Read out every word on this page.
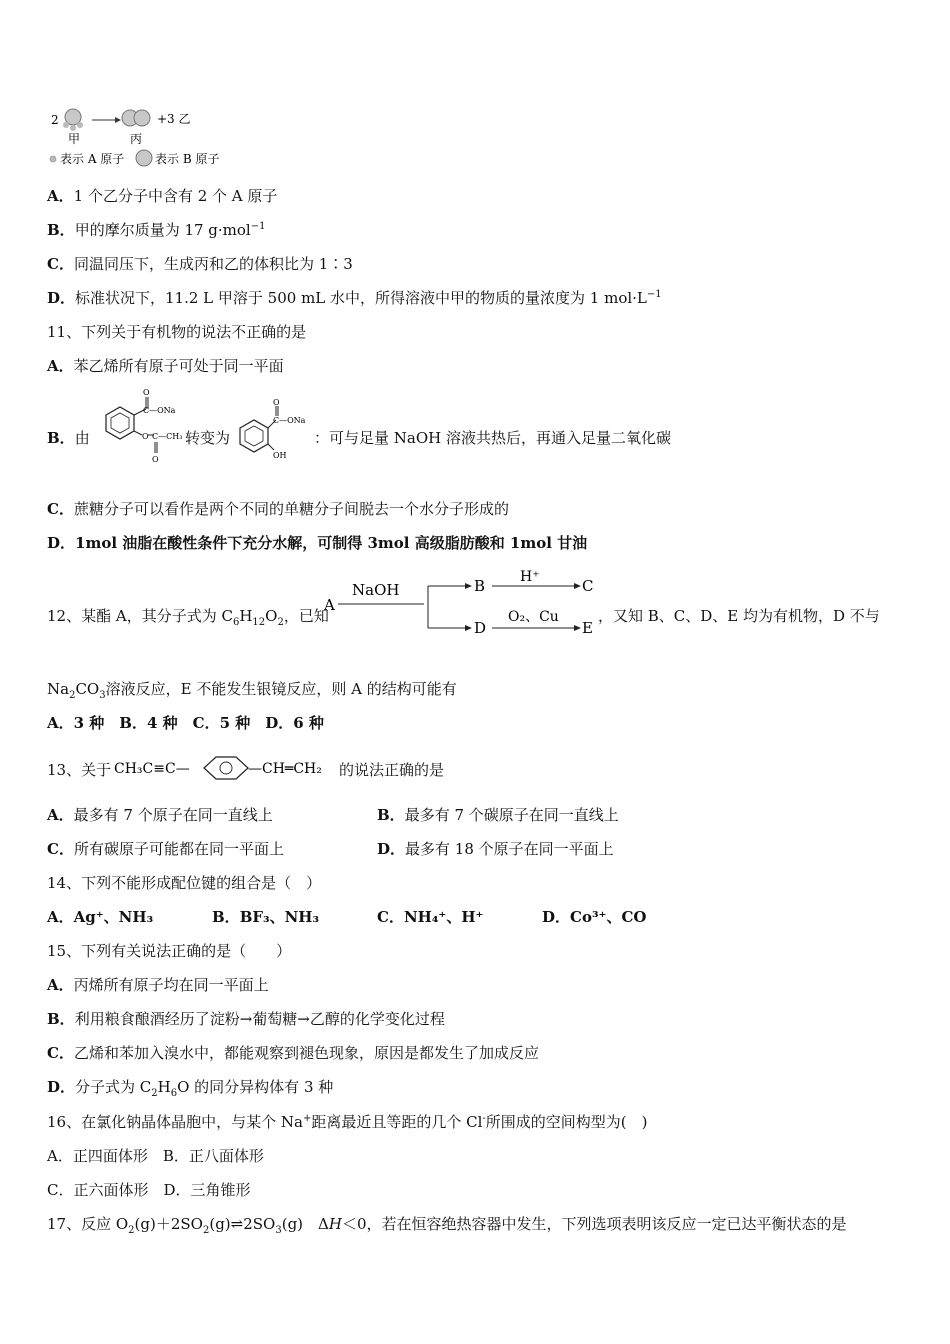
2	+3 乙
甲	丙
表示 A 原子	表示 B 原子
A．1 个乙分子中含有 2 个 A 原子
B．甲的摩尔质量为 17 g·mol$^{-1}$
C．同温同压下，生成丙和乙的体积比为 1∶3
D．标准状况下，11.2 L 甲溶于 500 mL 水中，所得溶液中甲的物质的量浓度为 1 $mol\cdot L^{-1}$
11、下列关于有机物的说法不正确的是
A．苯乙烯所有原子可处于同一平面
B．由
O
C—ONa
O C—CH₃
O
转变为
O
C—ONa
OH
：可与足量 NaOH 溶液共热后，再通入足量二氧化碳
C．蔗糖分子可以看作是两个不同的单糖分子间脱去一个水分子形成的
D．1mol 油脂在酸性条件下充分水解，可制得 3mol 高级脂肪酸和 1mol 甘油
12、某酯 A，其分子式为 $C_6H_{12}O_2$，已知
A
NaOH	B H⁺	C
D
O₂、Cu
E
，又知 B、C、D、E 均为有机物，D 不与
$Na_2CO_3$溶液反应，E 不能发生银镜反应，则 A 的结构可能有
A．3 种　B．4 种　C．5 种　D．6 种
13、关于 CH₃C≡C—	—CH═CH₂ 的说法正确的是
A．最多有 7 个原子在同一直线上	B．最多有 7 个碳原子在同一直线上
C．所有碳原子可能都在同一平面上	D．最多有 18 个原子在同一平面上
14、下列不能形成配位键的组合是（　）
A．Ag⁺、NH₃	B．BF₃、NH₃	C．NH₄⁺、H⁺	D．Co³⁺、CO
15、下列有关说法正确的是（　　）
A．丙烯所有原子均在同一平面上
B．利用粮食酿酒经历了淀粉→葡萄糖→乙醇的化学变化过程
C．乙烯和苯加入溴水中，都能观察到褪色现象，原因是都发生了加成反应
D．分子式为 $C_2H_6O$ 的同分异构体有 3 种
16、在氯化钠晶体晶胞中，与某个 Na+距离最近且等距的几个 Cl-所围成的空间构型为(　)
A．正四面体形　B．正八面体形
C．正六面体形　D．三角锥形
17、反应 $O_2(g)+2SO_2(g)\rightleftharpoons 2SO_3(g)$　ΔH＜0，若在恒容绝热容器中发生，下列选项表明该反应一定已达平衡状态的是
